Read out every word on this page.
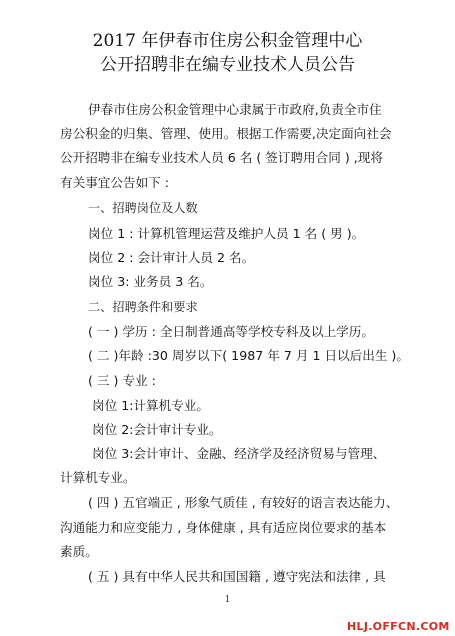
2017 年伊春市住房公积金管理中心
公开招聘非在编专业技术人员公告
伊春市住房公积金管理中心隶属于市政府,负责全市住
房公积金的归集、管理、使用。根据工作需要,决定面向社会
公开招聘非在编专业技术人员 6 名 ( 签订聘用合同 ) ,现将
有关事宜公告如下 :
一、招聘岗位及人数
岗位 1 : 计算机管理运营及维护人员 1 名 ( 男 )。
岗位 2 : 会计审计人员 2 名。
岗位 3: 业务员 3 名。
二、招聘条件和要求
( 一 ) 学历 : 全日制普通高等学校专科及以上学历。
( 二 )年龄 :30 周岁以下( 1987 年 7 月 1 日以后出生 )。
( 三 ) 专业 :
岗位 1:计算机专业。
岗位 2:会计审计专业。
岗位 3:会计审计、金融、经济学及经济贸易与管理、
计算机专业。
( 四 ) 五官端正 , 形象气质佳 , 有较好的语言表达能力、
沟通能力和应变能力 , 身体健康 , 具有适应岗位要求的基本
素质。
( 五 ) 具有中华人民共和国国籍 , 遵守宪法和法律 , 具
1
HLJ.OFFCN.COM
